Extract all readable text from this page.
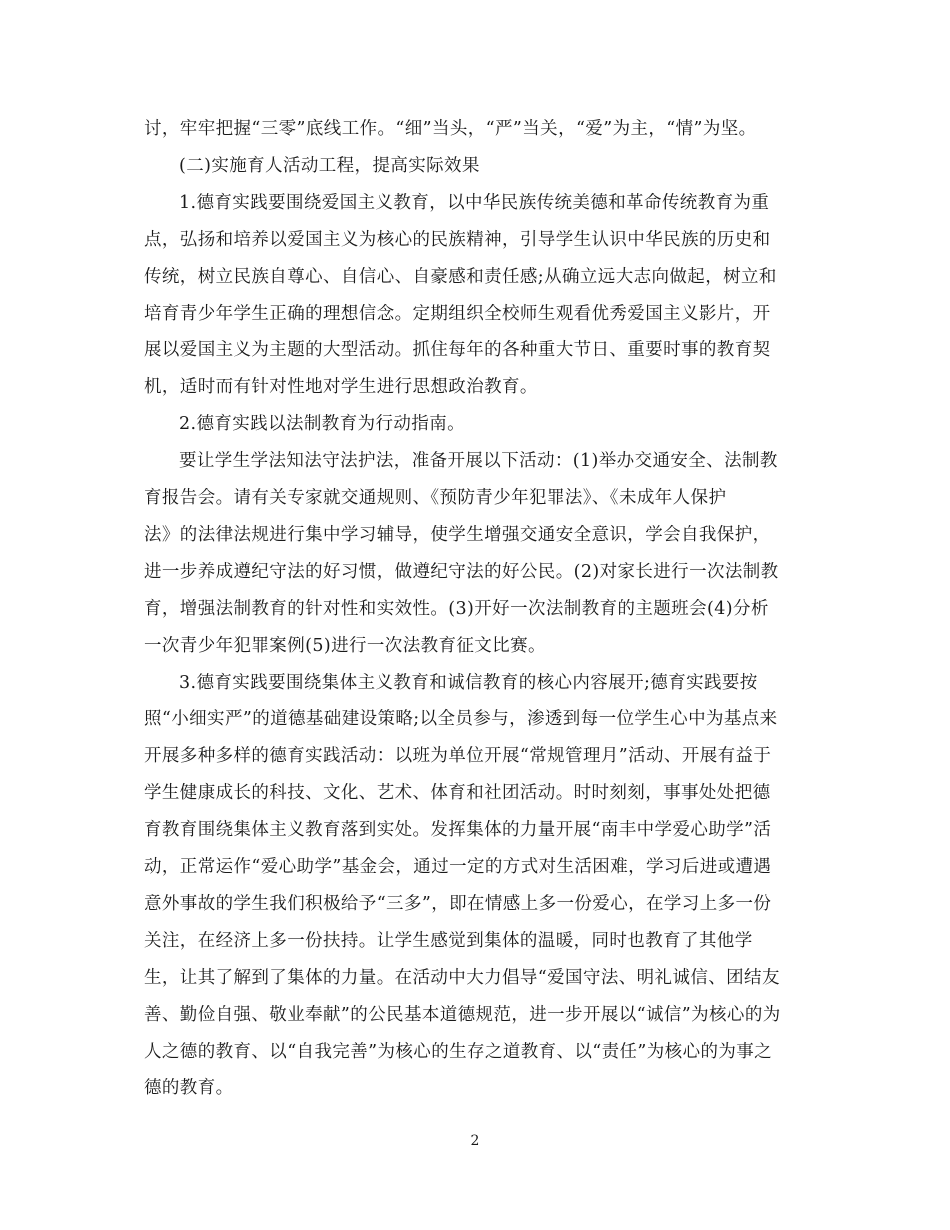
讨，牢牢把握“三零”底线工作。“细”当头，“严”当关，“爱”为主，“情”为坚。
(二)实施育人活动工程，提高实际效果
1.德育实践要围绕爱国主义教育，以中华民族传统美德和革命传统教育为重
点，弘扬和培养以爱国主义为核心的民族精神，引导学生认识中华民族的历史和
传统，树立民族自尊心、自信心、自豪感和责任感;从确立远大志向做起，树立和
培育青少年学生正确的理想信念。定期组织全校师生观看优秀爱国主义影片，开
展以爱国主义为主题的大型活动。抓住每年的各种重大节日、重要时事的教育契
机，适时而有针对性地对学生进行思想政治教育。
2.德育实践以法制教育为行动指南。
要让学生学法知法守法护法，准备开展以下活动：(1)举办交通安全、法制教
育报告会。请有关专家就交通规则、《预防青少年犯罪法》、《未成年人保护
法》的法律法规进行集中学习辅导，使学生增强交通安全意识，学会自我保护，
进一步养成遵纪守法的好习惯，做遵纪守法的好公民。(2)对家长进行一次法制教
育，增强法制教育的针对性和实效性。(3)开好一次法制教育的主题班会(4)分析
一次青少年犯罪案例(5)进行一次法教育征文比赛。
3.德育实践要围绕集体主义教育和诚信教育的核心内容展开;德育实践要按
照“小细实严”的道德基础建设策略;以全员参与，渗透到每一位学生心中为基点来
开展多种多样的德育实践活动：以班为单位开展“常规管理月”活动、开展有益于
学生健康成长的科技、文化、艺术、体育和社团活动。时时刻刻，事事处处把德
育教育围绕集体主义教育落到实处。发挥集体的力量开展“南丰中学爱心助学”活
动，正常运作“爱心助学”基金会，通过一定的方式对生活困难，学习后进或遭遇
意外事故的学生我们积极给予“三多”，即在情感上多一份爱心，在学习上多一份
关注，在经济上多一份扶持。让学生感觉到集体的温暖，同时也教育了其他学
生，让其了解到了集体的力量。在活动中大力倡导“爱国守法、明礼诚信、团结友
善、勤俭自强、敬业奉献”的公民基本道德规范，进一步开展以“诚信”为核心的为
人之德的教育、以“自我完善”为核心的生存之道教育、以“责任”为核心的为事之
德的教育。
2
